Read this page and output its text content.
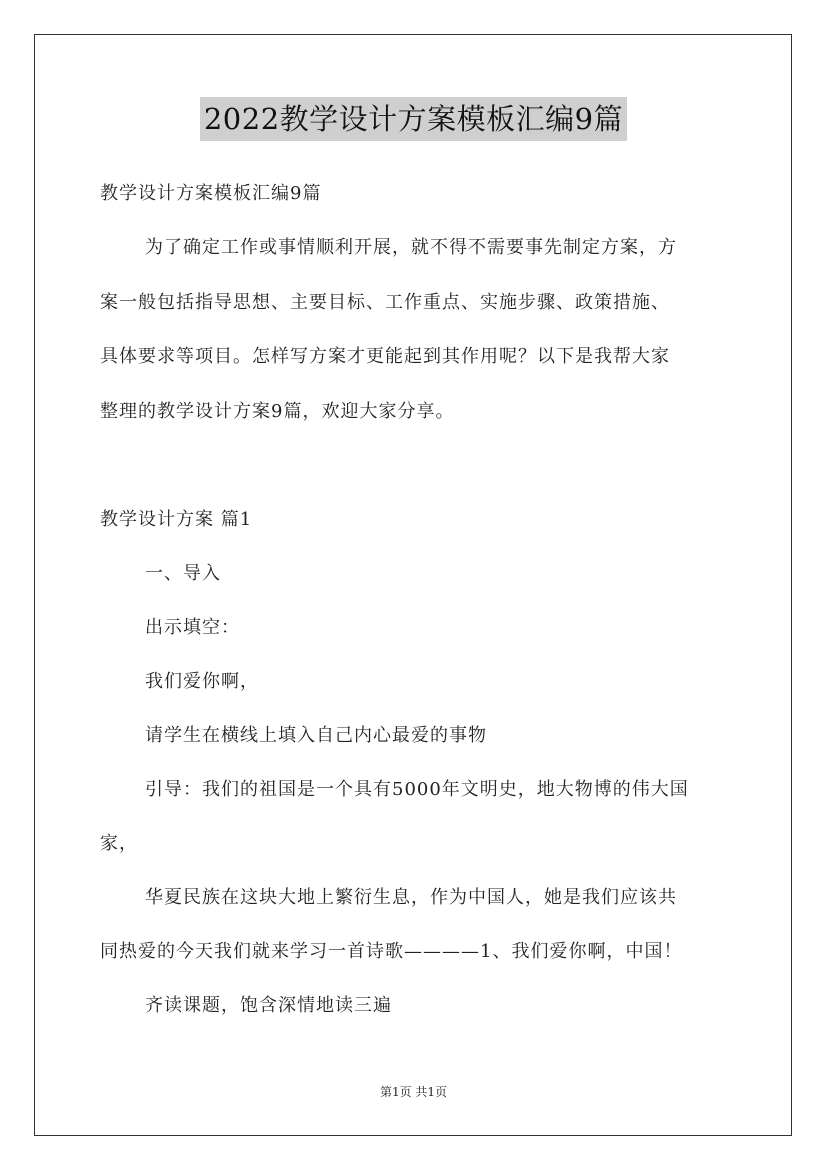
2022教学设计方案模板汇编9篇

教学设计方案模板汇编9篇

为了确定工作或事情顺利开展，就不得不需要事先制定方案，方

案一般包括指导思想、主要目标、工作重点、实施步骤、政策措施、

具体要求等项目。怎样写方案才更能起到其作用呢？以下是我帮大家

整理的教学设计方案9篇，欢迎大家分享。

教学设计方案 篇1

一、导入

出示填空：

我们爱你啊，

请学生在横线上填入自己内心最爱的事物

引导：我们的祖国是一个具有5000年文明史，地大物博的伟大国

家，

华夏民族在这块大地上繁衍生息，作为中国人，她是我们应该共

同热爱的今天我们就来学习一首诗歌————1、我们爱你啊，中国！

齐读课题，饱含深情地读三遍

第1页 共1页
